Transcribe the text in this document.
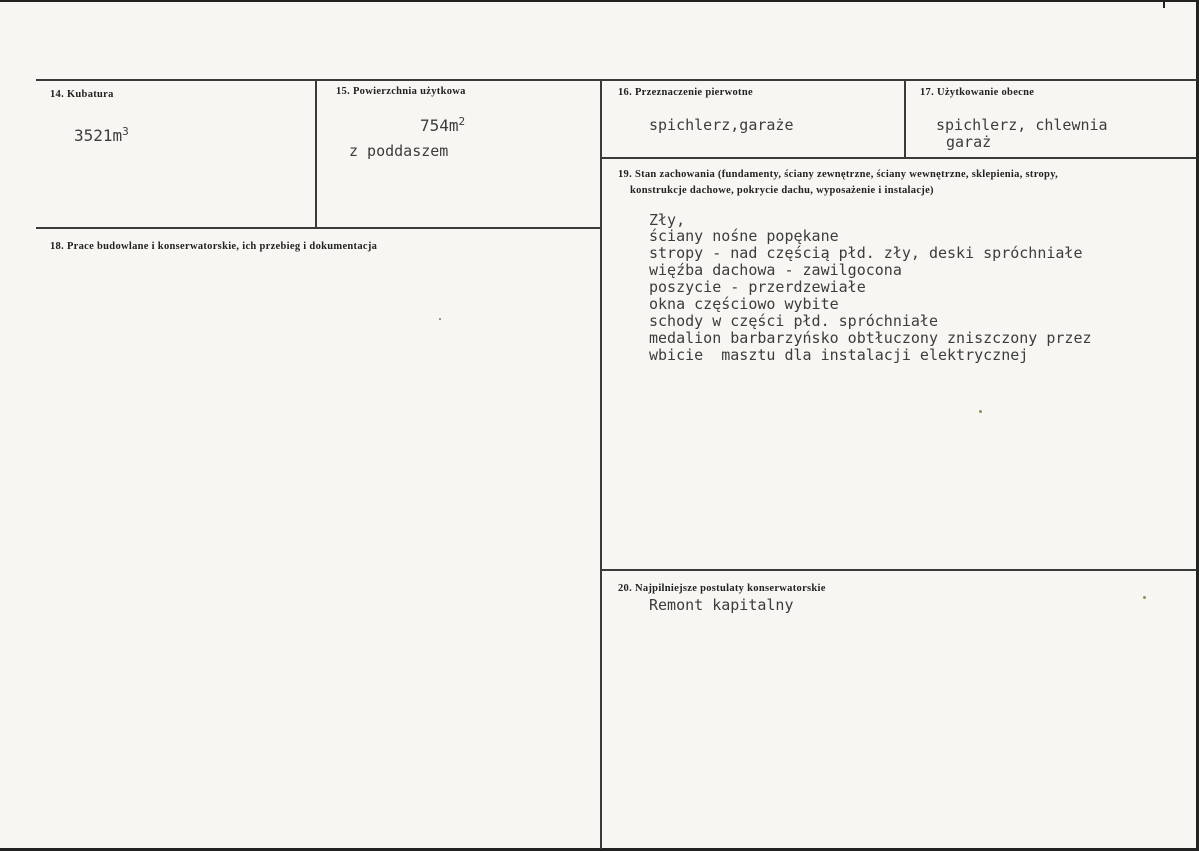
14. Kubatura
$3521m^3$
15. Powierzchnia użytkowa
$754m^2$
z poddaszem
16. Przeznaczenie pierwotne
spichlerz,garaże
17. Użytkowanie obecne
spichlerz, chlewnia
garaż
18. Prace budowlane i konserwatorskie, ich przebieg i dokumentacja
19. Stan zachowania (fundamenty, ściany zewnętrzne, ściany wewnętrzne, sklepienia, stropy,
konstrukcje dachowe, pokrycie dachu, wyposażenie i instalacje)
Zły,
ściany nośne popękane
stropy - nad częścią płd. zły, deski spróchniałe
więźba dachowa - zawilgocona
poszycie - przerdzewiałe
okna częściowo wybite
schody w części płd. spróchniałe
medalion barbarzyńsko obtłuczony zniszczony przez
wbicie  masztu dla instalacji elektrycznej
20. Najpilniejsze postulaty konserwatorskie
Remont kapitalny
